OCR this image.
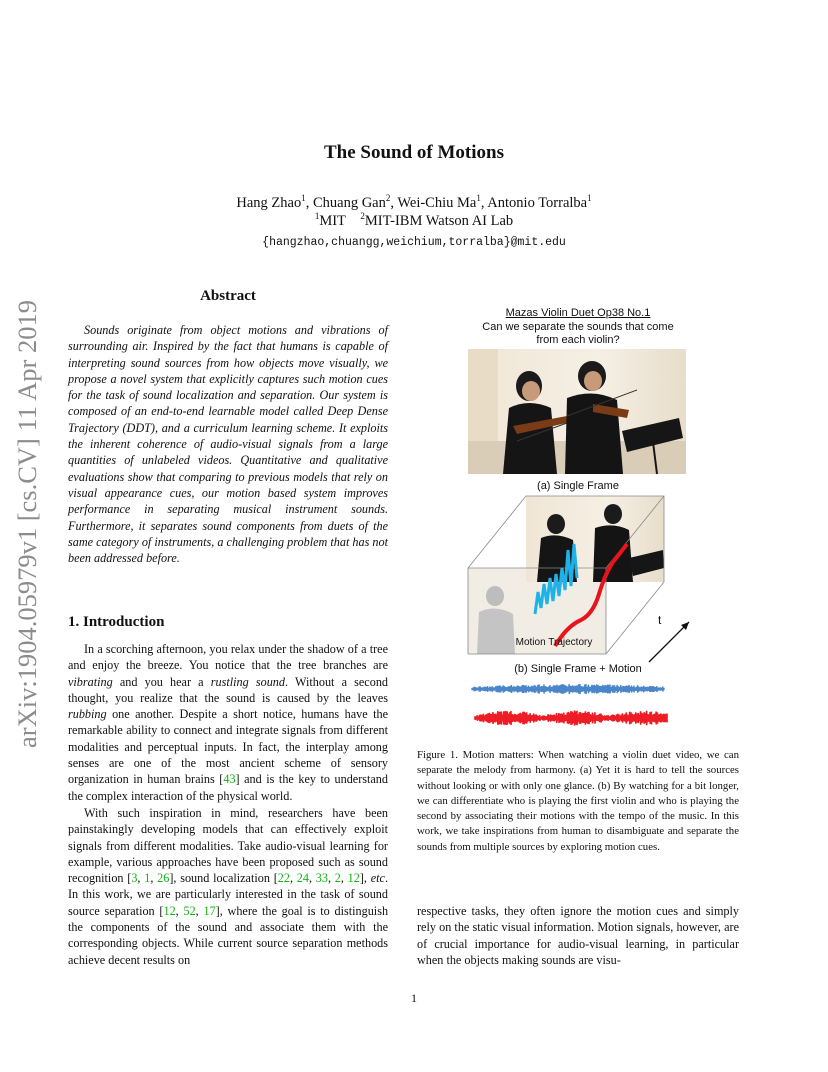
The Sound of Motions
Hang Zhao$^1$, Chuang Gan$^2$, Wei-Chiu Ma$^1$, Antonio Torralba$^1$
$^1$MIT $^2$MIT-IBM Watson AI Lab
{hangzhao,chuangg,weichium,torralba}@mit.edu
arXiv:1904.05979v1 [cs.CV] 11 Apr 2019
Abstract
Sounds originate from object motions and vibrations of surrounding air. Inspired by the fact that humans is capable of interpreting sound sources from how objects move visually, we propose a novel system that explicitly captures such motion cues for the task of sound localization and separation. Our system is composed of an end-to-end learnable model called Deep Dense Trajectory (DDT), and a curriculum learning scheme. It exploits the inherent coherence of audio-visual signals from a large quantities of unlabeled videos. Quantitative and qualitative evaluations show that comparing to previous models that rely on visual appearance cues, our motion based system improves performance in separating musical instrument sounds. Furthermore, it separates sound components from duets of the same category of instruments, a challenging problem that has not been addressed before.
1. Introduction
In a scorching afternoon, you relax under the shadow of a tree and enjoy the breeze. You notice that the tree branches are vibrating and you hear a rustling sound. Without a second thought, you realize that the sound is caused by the leaves rubbing one another. Despite a short notice, humans have the remarkable ability to connect and integrate signals from different modalities and perceptual inputs. In fact, the interplay among senses are one of the most ancient scheme of sensory organization in human brains [43] and is the key to understand the complex interaction of the physical world.
With such inspiration in mind, researchers have been painstakingly developing models that can effectively exploit signals from different modalities. Take audio-visual learning for example, various approaches have been proposed such as sound recognition [3, 1, 26], sound localization [22, 24, 33, 2, 12], etc. In this work, we are particularly interested in the task of sound source separation [12, 52, 17], where the goal is to distinguish the components of the sound and associate them with the corresponding objects. While current source separation methods achieve decent results on
Mazas Violin Duet Op38 No.1
Can we separate the sounds that come
from each violin?
(a) Single Frame
t
Motion Trajectory
(b) Single Frame + Motion
Figure 1. Motion matters: When watching a violin duet video, we can separate the melody from harmony. (a) Yet it is hard to tell the sources without looking or with only one glance. (b) By watching for a bit longer, we can differentiate who is playing the first violin and who is playing the second by associating their motions with the tempo of the music. In this work, we take inspirations from human to disambiguate and separate the sounds from multiple sources by exploring motion cues.
respective tasks, they often ignore the motion cues and simply rely on the static visual information. Motion signals, however, are of crucial importance for audio-visual learning, in particular when the objects making sounds are visu-
1
